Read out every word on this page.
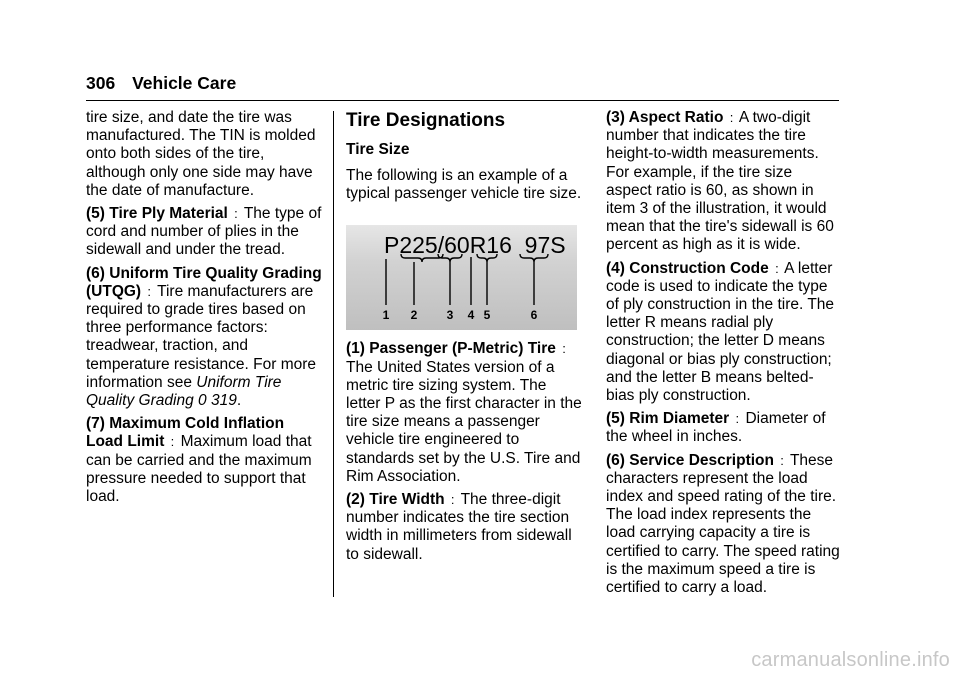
306 Vehicle Care

tire size, and date the tire was manufactured. The TIN is molded onto both sides of the tire, although only one side may have the date of manufacture.

(5) Tire Ply Material : The type of cord and number of plies in the sidewall and under the tread.

(6) Uniform Tire Quality Grading (UTQG) : Tire manufacturers are required to grade tires based on three performance factors: treadwear, traction, and temperature resistance. For more information see Uniform Tire Quality Grading 0 319.

(7) Maximum Cold Inflation Load Limit : Maximum load that can be carried and the maximum pressure needed to support that load.

Tire Designations
Tire Size

The following is an example of a typical passenger vehicle tire size.

P225/60R16  97S
1 2 3 4 5	6

(1) Passenger (P-Metric) Tire : The United States version of a metric tire sizing system. The letter P as the first character in the tire size means a passenger vehicle tire engineered to standards set by the U.S. Tire and Rim Association.

(2) Tire Width : The three-digit number indicates the tire section width in millimeters from sidewall to sidewall.

(3) Aspect Ratio : A two-digit number that indicates the tire height-to-width measurements. For example, if the tire size aspect ratio is 60, as shown in item 3 of the illustration, it would mean that the tire's sidewall is 60 percent as high as it is wide.

(4) Construction Code : A letter code is used to indicate the type of ply construction in the tire. The letter R means radial ply construction; the letter D means diagonal or bias ply construction; and the letter B means belted-bias ply construction.

(5) Rim Diameter : Diameter of the wheel in inches.

(6) Service Description : These characters represent the load index and speed rating of the tire. The load index represents the load carrying capacity a tire is certified to carry. The speed rating is the maximum speed a tire is certified to carry a load.

carmanualsonline.info
